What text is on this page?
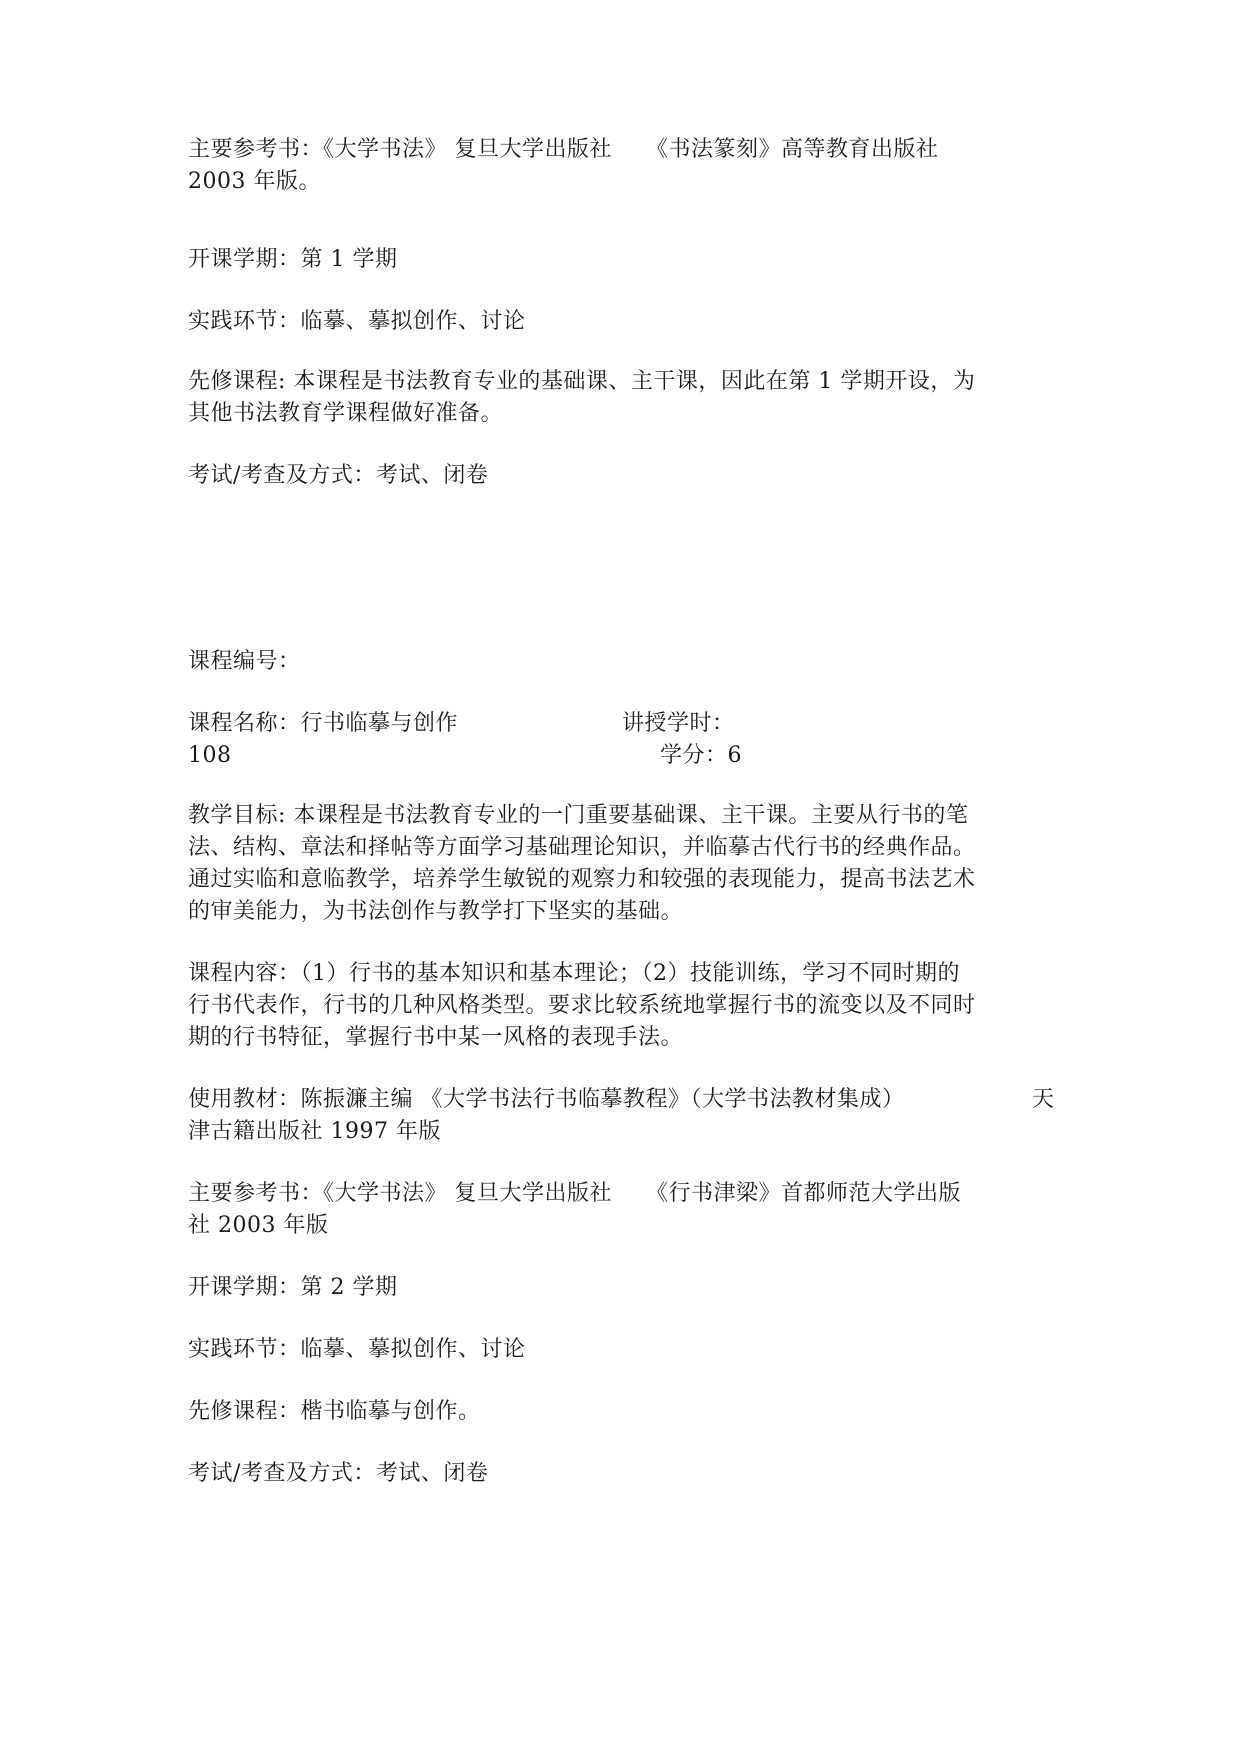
主要参考书：《大学书法》 复旦大学出版社　　《书法篆刻》高等教育出版社
2003 年版。
开课学期：第 1 学期
实践环节：临摹、摹拟创作、讨论
先修课程: 本课程是书法教育专业的基础课、主干课，因此在第 1 学期开设，为
其他书法教育学课程做好准备。
考试/考查及方式：考试、闭卷
课程编号：
课程名称：行书临摹与创作	讲授学时：
108	学分：6
教学目标: 本课程是书法教育专业的一门重要基础课、主干课。主要从行书的笔
法、结构、章法和择帖等方面学习基础理论知识，并临摹古代行书的经典作品。
通过实临和意临教学，培养学生敏锐的观察力和较强的表现能力，提高书法艺术
的审美能力，为书法创作与教学打下坚实的基础。
课程内容：（1）行书的基本知识和基本理论；（2）技能训练，学习不同时期的
行书代表作，行书的几种风格类型。要求比较系统地掌握行书的流变以及不同时
期的行书特征，掌握行书中某一风格的表现手法。
使用教材：陈振濂主编 《大学书法行书临摹教程》（大学书法教材集成）	天
津古籍出版社 1997 年版
主要参考书：《大学书法》 复旦大学出版社　　《行书津梁》首都师范大学出版
社 2003 年版
开课学期：第 2 学期
实践环节：临摹、摹拟创作、讨论
先修课程：楷书临摹与创作。
考试/考查及方式：考试、闭卷
